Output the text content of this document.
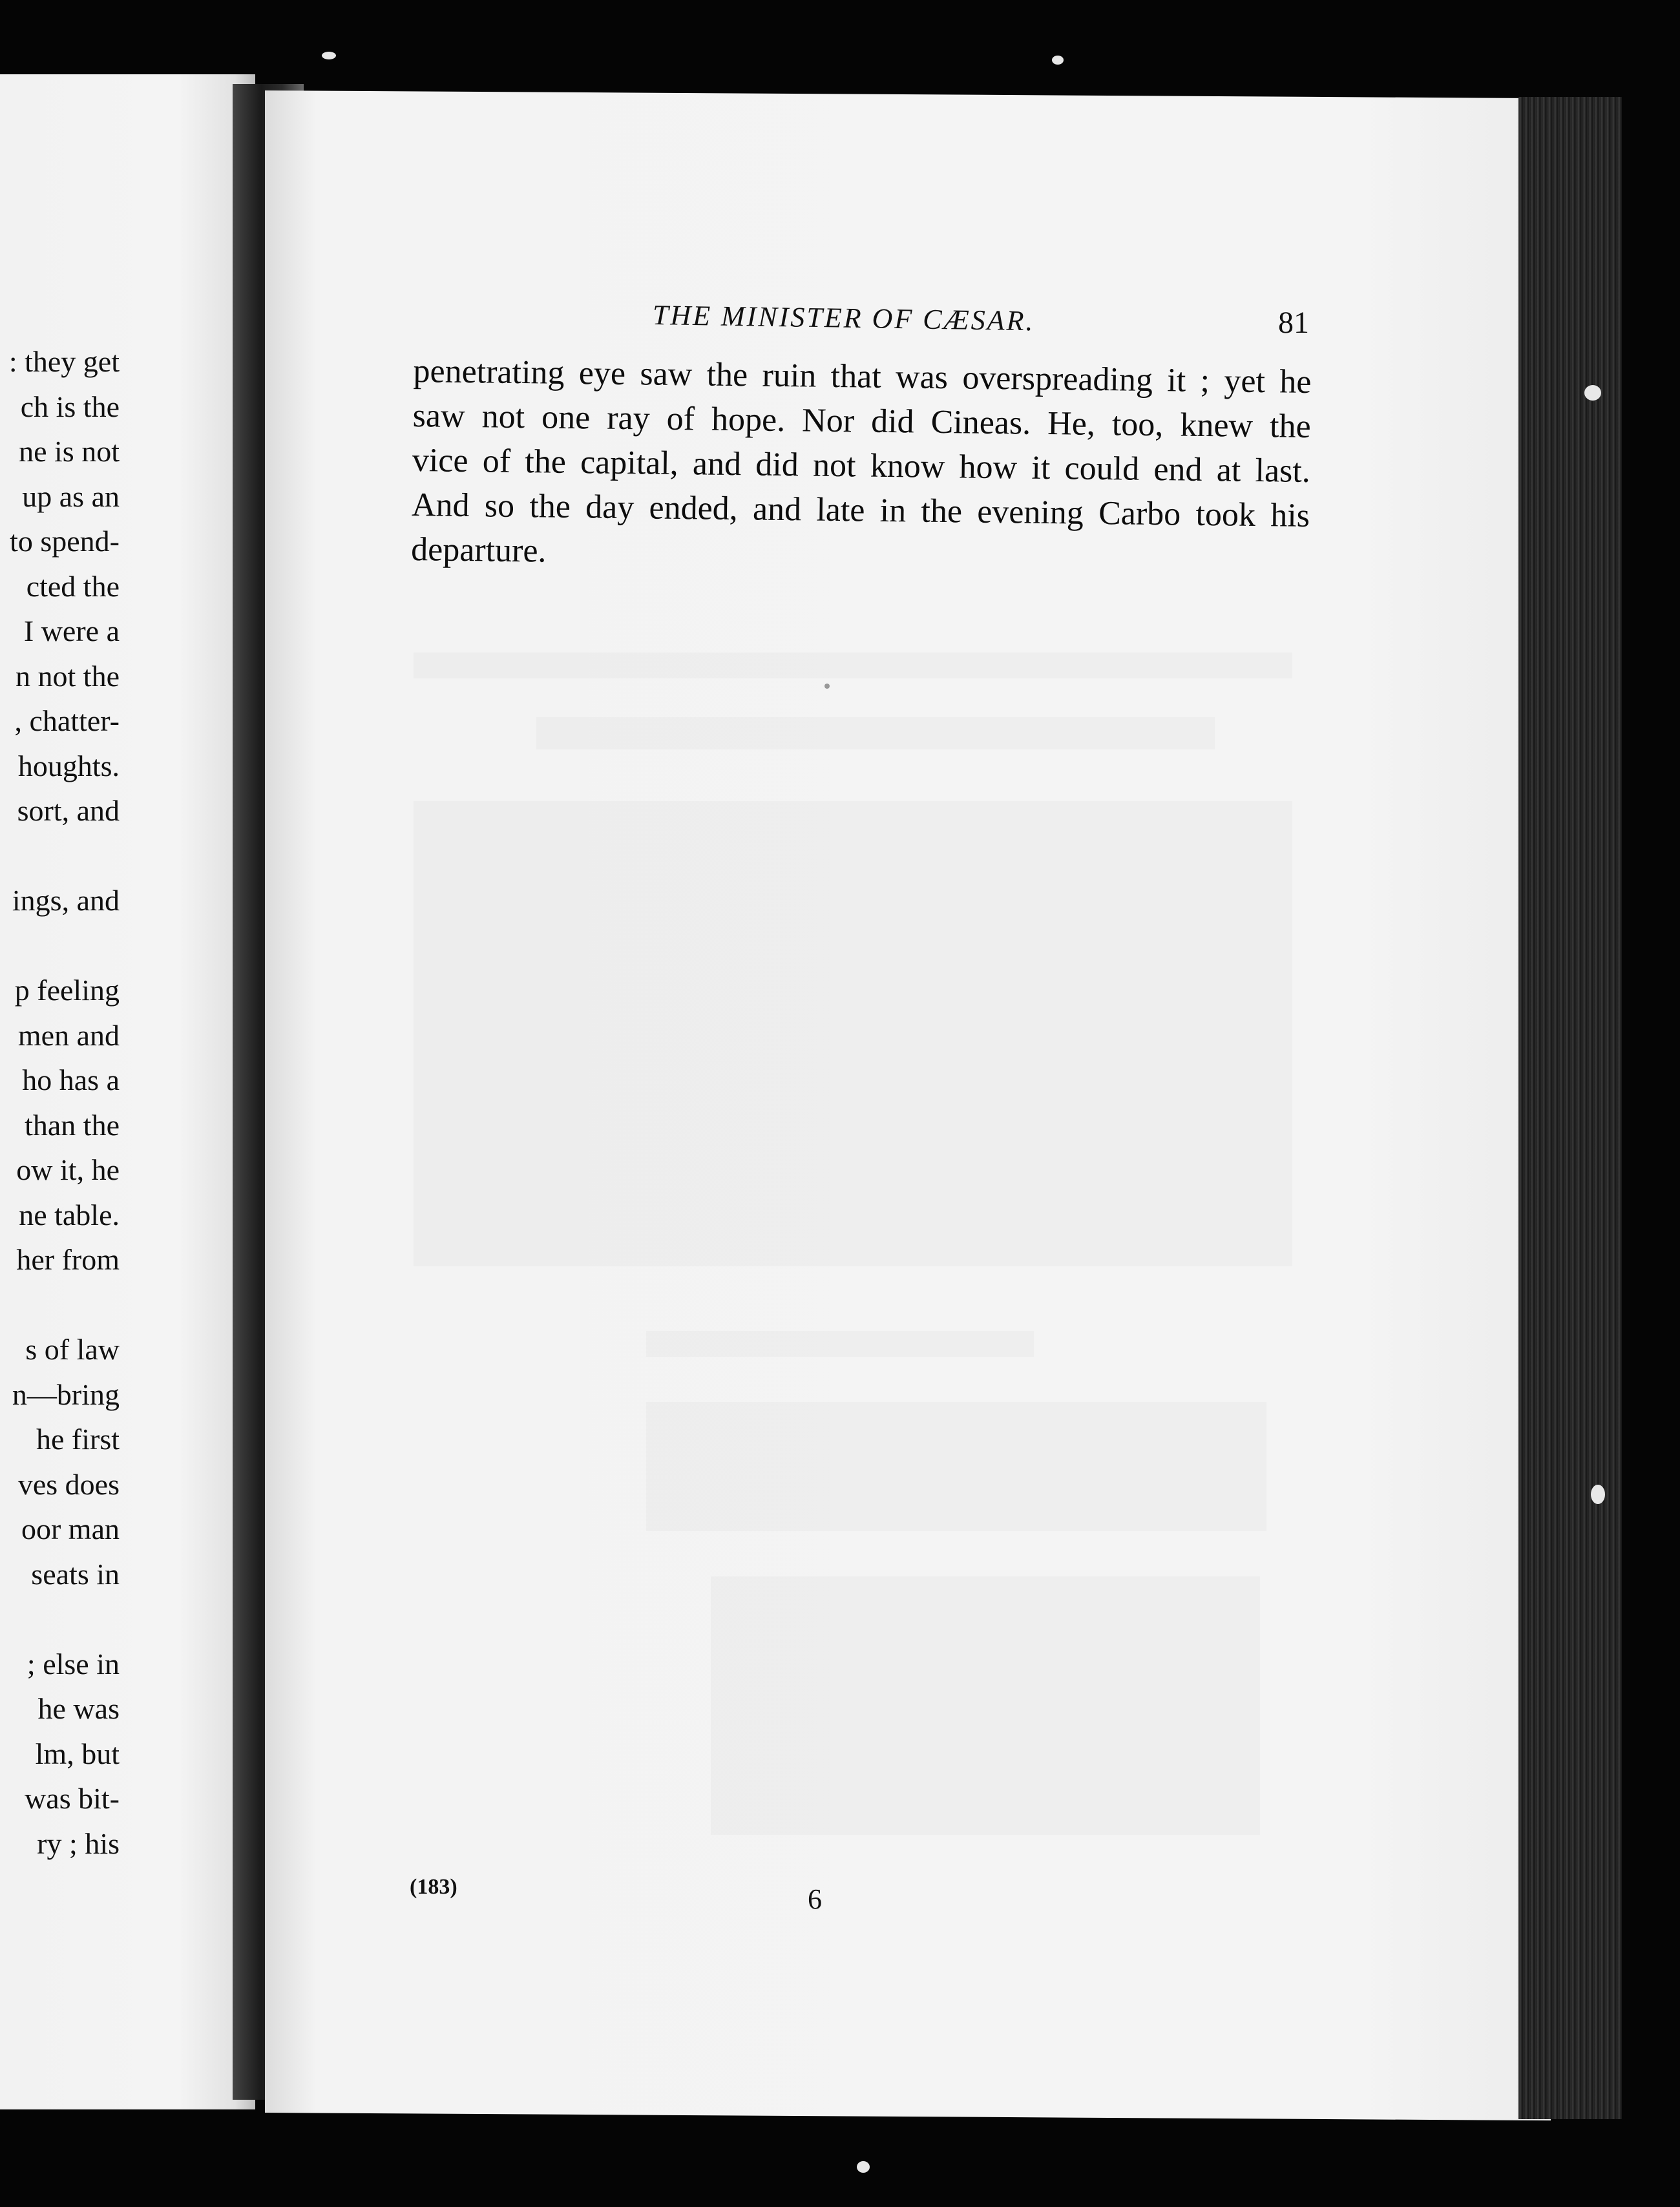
: they get
ch is the
ne is not
up as an
to spend-
cted the
I were a
n not the
, chatter-
houghts.
sort, and
ings, and
p feeling
men and
ho has a
than the
ow it, he
ne table.
her from
s of law
n—bring
he first
ves does
oor man
seats in
; else in
he was
lm, but
was bit-
ry ; his
THE MINISTER OF CÆSAR.	81
penetrating eye saw the ruin that was overspreading it ; yet he
saw not one ray of hope. Nor did Cineas. He, too, knew the
vice of the capital, and did not know how it could end at last.
And so the day ended, and late in the evening Carbo took his
departure.
(183)	6
